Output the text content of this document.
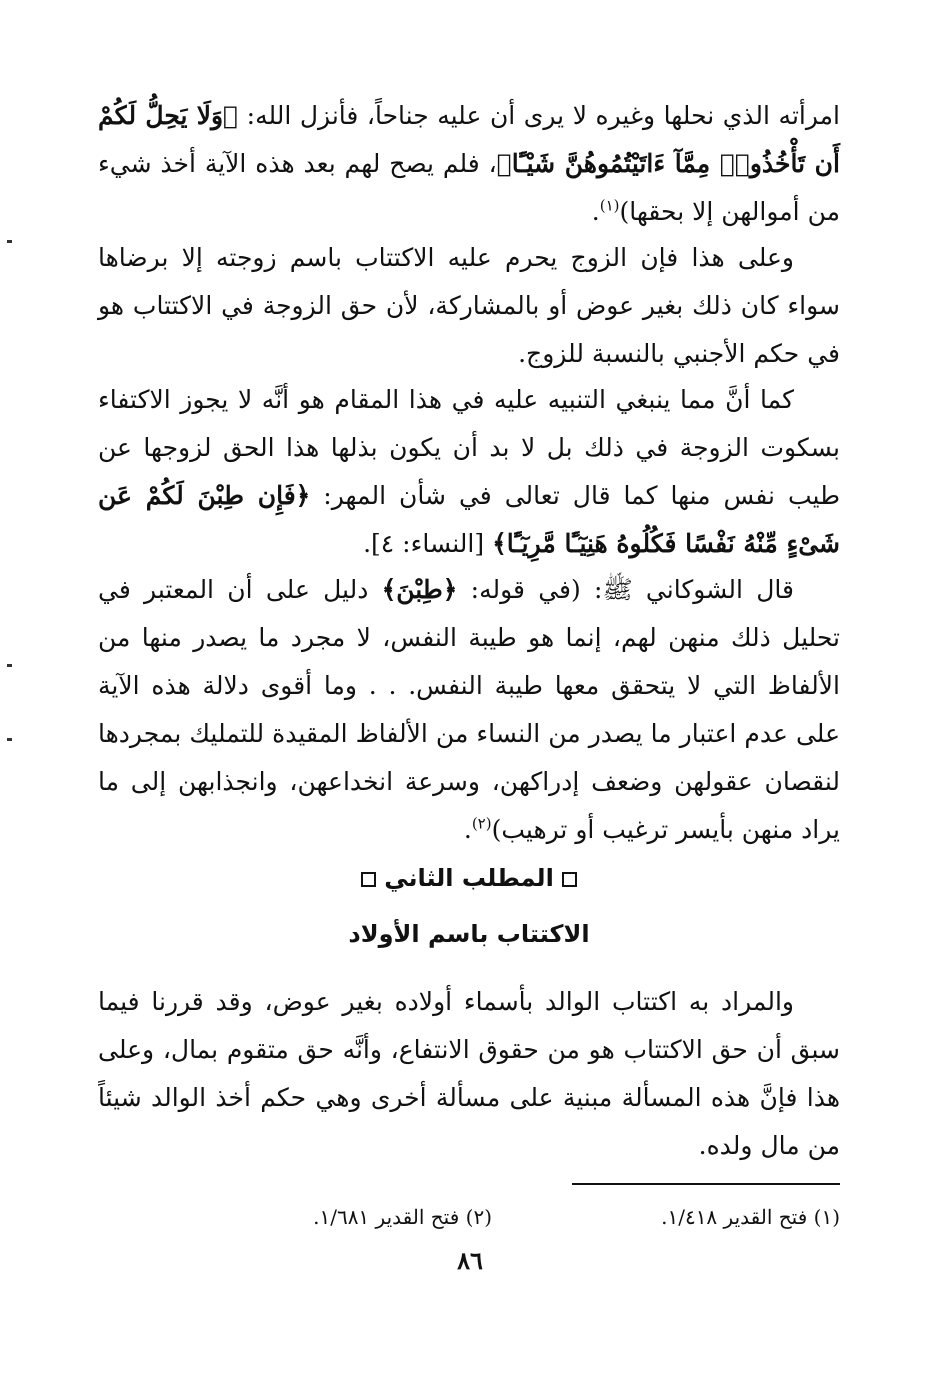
امرأته الذي نحلها وغيره لا يرى أن عليه جناحاً، فأنزل الله: ﴿وَلَا يَحِلُّ لَكُمْ أَن تَأْخُذُوا۟ مِمَّآ ءَاتَيْتُمُوهُنَّ شَيْـًٔا﴾، فلم يصح لهم بعد هذه الآية أخذ شيء من أموالهن إلا بحقها)$^{(١)}$.

وعلى هذا فإن الزوج يحرم عليه الاكتتاب باسم زوجته إلا برضاها سواء كان ذلك بغير عوض أو بالمشاركة، لأن حق الزوجة في الاكتتاب هو في حكم الأجنبي بالنسبة للزوج.

كما أنَّ مما ينبغي التنبيه عليه في هذا المقام هو أنَّه لا يجوز الاكتفاء بسكوت الزوجة في ذلك بل لا بد أن يكون بذلها هذا الحق لزوجها عن طيب نفس منها كما قال تعالى في شأن المهر: ﴿فَإِن طِبْنَ لَكُمْ عَن شَىْءٍ مِّنْهُ نَفْسًا فَكُلُوهُ هَنِيٓـًٔا مَّرِيٓـًٔا﴾ [النساء: ٤].

قال الشوكاني ﷺ: (في قوله: ﴿طِبْنَ﴾ دليل على أن المعتبر في تحليل ذلك منهن لهم، إنما هو طيبة النفس، لا مجرد ما يصدر منها من الألفاظ التي لا يتحقق معها طيبة النفس. . . وما أقوى دلالة هذه الآية على عدم اعتبار ما يصدر من النساء من الألفاظ المقيدة للتمليك بمجردها لنقصان عقولهن وضعف إدراكهن، وسرعة انخداعهن، وانجذابهن إلى ما يراد منهن بأيسر ترغيب أو ترهيب)$^{(٢)}$.

المطلب الثاني
الاكتتاب باسم الأولاد

والمراد به اكتتاب الوالد بأسماء أولاده بغير عوض، وقد قررنا فيما سبق أن حق الاكتتاب هو من حقوق الانتفاع، وأنَّه حق متقوم بمال، وعلى هذا فإنَّ هذه المسألة مبنية على مسألة أخرى وهي حكم أخذ الوالد شيئاً من مال ولده.

(١) فتح القدير ١/٤١٨.
(٢) فتح القدير ١/٦٨١.
٨٦
